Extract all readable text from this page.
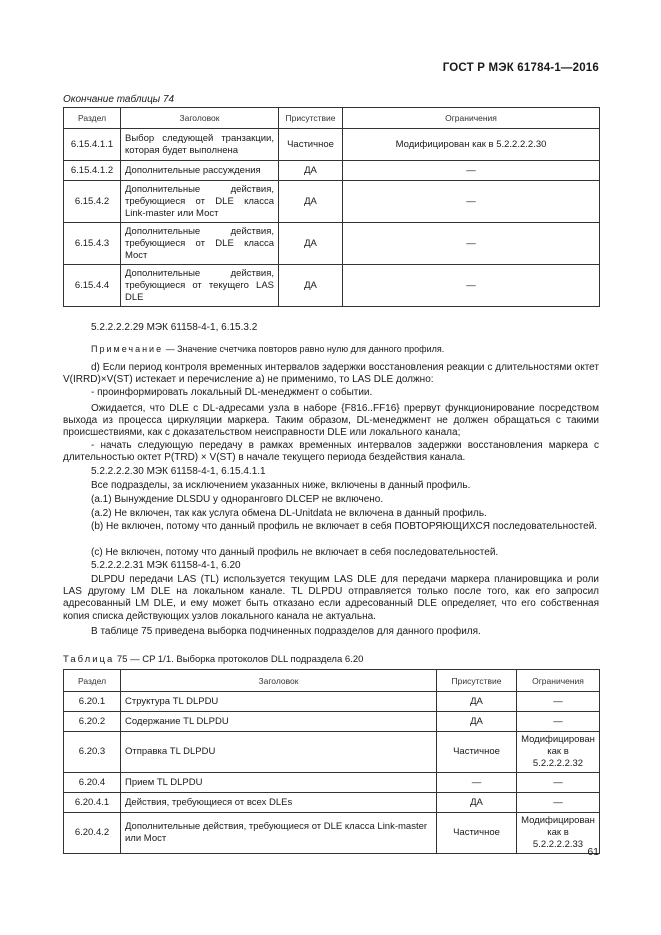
ГОСТ Р МЭК 61784-1—2016
Окончание таблицы 74
Раздел	Заголовок	Присутствие	Ограничения
6.15.4.1.1	Выбор следующей транзакции, которая будет выполнена	Частичное	Модифицирован как в 5.2.2.2.2.30
6.15.4.1.2	Дополнительные рассуждения	ДА	—
6.15.4.2	Дополнительные действия, требующиеся от DLE класса Link-master или Мост	ДА	—
6.15.4.3	Дополнительные действия, требующиеся от DLE класса Мост	ДА	—
6.15.4.4	Дополнительные действия, требующиеся от текущего LAS DLE	ДА	—
5.2.2.2.2.29 МЭК 61158-4-1, 6.15.3.2
Примечание — Значение счетчика повторов равно нулю для данного профиля.
d) Если период контроля временных интервалов задержки восстановления реакции с длительностями октет V(IRRD)×V(ST) истекает и перечисление a) не применимо, то LAS DLE должно:
- проинформировать локальный DL-менеджмент о событии.
Ожидается, что DLE с DL-адресами узла в наборе {F816..FF16} прервут функционирование посредством выхода из процесса циркуляции маркера. Таким образом, DL-менеджмент не должен обращаться с такими происшествиями, как с доказательством неисправности DLE или локального канала;
- начать следующую передачу в рамках временных интервалов задержки восстановления маркера с длительностью октет P(TRD) × V(ST) в начале текущего периода бездействия канала.
5.2.2.2.2.30 МЭК 61158-4-1, 6.15.4.1.1
Все подразделы, за исключением указанных ниже, включены в данный профиль.
(a.1) Вынуждение DLSDU у одноранговго DLCEP не включено.
(a.2) Не включен, так как услуга обмена DL-Unitdata не включена в данный профиль.
(b) Не включен, потому что данный профиль не включает в себя ПОВТОРЯЮЩИХСЯ последовательностей.
(c) Не включен, потому что данный профиль не включает в себя последовательностей.
5.2.2.2.2.31 МЭК 61158-4-1, 6.20
DLPDU передачи LAS (TL) используется текущим LAS DLE для передачи маркера планировщика и роли LAS другому LM DLE на локальном канале. TL DLPDU отправляется только после того, как его запросил адресованный LM DLE, и ему может быть отказано если адресованный DLE определяет, что его собственная копия списка действующих узлов локального канала не актуальна.
В таблице 75 приведена выборка подчиненных подразделов для данного профиля.
Таблица 75 — CP 1/1. Выборка протоколов DLL подраздела 6.20
Раздел	Заголовок	Присутствие	Ограничения
6.20.1	Структура TL DLPDU	ДА	—
6.20.2	Содержание TL DLPDU	ДА	—
6.20.3	Отправка TL DLPDU	Частичное	Модифицирован как в 5.2.2.2.2.32
6.20.4	Прием TL DLPDU	—	—
6.20.4.1	Действия, требующиеся от всех DLEs	ДА	—
6.20.4.2	Дополнительные действия, требующиеся от DLE класса Link-master или Мост	Частичное	Модифицирован как в 5.2.2.2.2.33
61
